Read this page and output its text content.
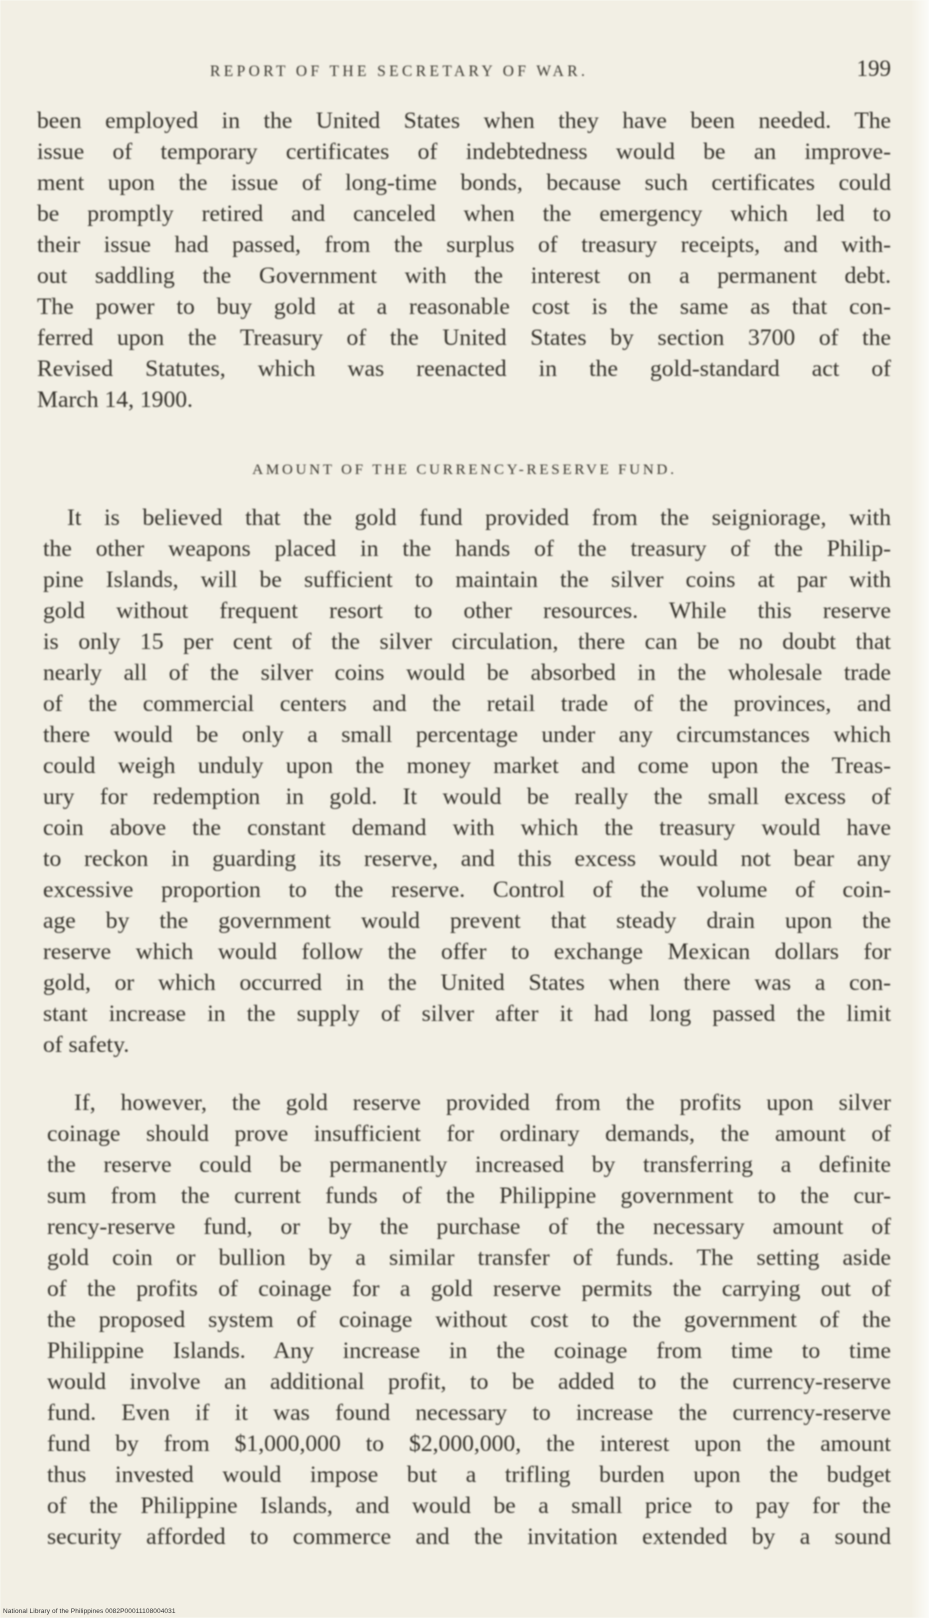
REPORT OF THE SECRETARY OF WAR.	199
been employed in the United States when they have been needed. The
issue of temporary certificates of indebtedness would be an improve-
ment upon the issue of long-time bonds, because such certificates could
be promptly retired and canceled when the emergency which led to
their issue had passed, from the surplus of treasury receipts, and with-
out saddling the Government with the interest on a permanent debt.
The power to buy gold at a reasonable cost is the same as that con-
ferred upon the Treasury of the United States by section 3700 of the
Revised Statutes, which was reenacted in the gold-standard act of
March 14, 1900.
AMOUNT OF THE CURRENCY-RESERVE FUND.
It is believed that the gold fund provided from the seigniorage, with
the other weapons placed in the hands of the treasury of the Philip-
pine Islands, will be sufficient to maintain the silver coins at par with
gold without frequent resort to other resources. While this reserve
is only 15 per cent of the silver circulation, there can be no doubt that
nearly all of the silver coins would be absorbed in the wholesale trade
of the commercial centers and the retail trade of the provinces, and
there would be only a small percentage under any circumstances which
could weigh unduly upon the money market and come upon the Treas-
ury for redemption in gold. It would be really the small excess of
coin above the constant demand with which the treasury would have
to reckon in guarding its reserve, and this excess would not bear any
excessive proportion to the reserve. Control of the volume of coin-
age by the government would prevent that steady drain upon the
reserve which would follow the offer to exchange Mexican dollars for
gold, or which occurred in the United States when there was a con-
stant increase in the supply of silver after it had long passed the limit
of safety.
If, however, the gold reserve provided from the profits upon silver
coinage should prove insufficient for ordinary demands, the amount of
the reserve could be permanently increased by transferring a definite
sum from the current funds of the Philippine government to the cur-
rency-reserve fund, or by the purchase of the necessary amount of
gold coin or bullion by a similar transfer of funds. The setting aside
of the profits of coinage for a gold reserve permits the carrying out of
the proposed system of coinage without cost to the government of the
Philippine Islands. Any increase in the coinage from time to time
would involve an additional profit, to be added to the currency-reserve
fund. Even if it was found necessary to increase the currency-reserve
fund by from $1,000,000 to $2,000,000, the interest upon the amount
thus invested would impose but a trifling burden upon the budget
of the Philippine Islands, and would be a small price to pay for the
security afforded to commerce and the invitation extended by a sound
National Library of the Philippines 0082P00011108004031
